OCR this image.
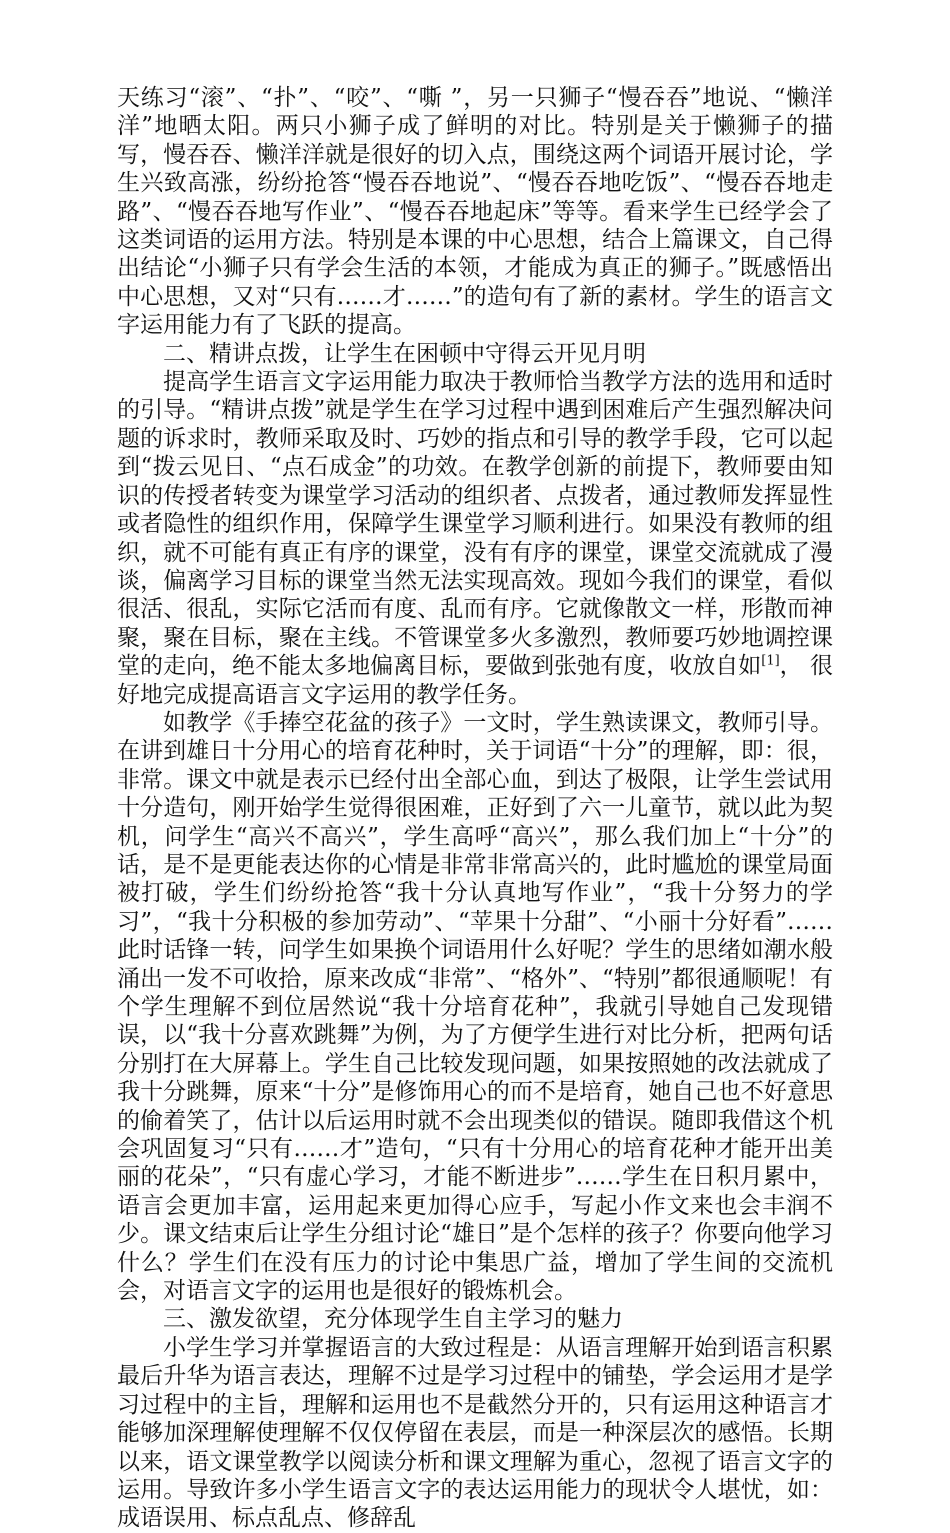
天练习“滚”、“扑”、“咬”、“嘶 ”，另一只狮子“慢吞吞”地说、“懒洋洋”地晒太阳。两只小狮子成了鲜明的对比。特别是关于懒狮子的描写，慢吞吞、懒洋洋就是很好的切入点，围绕这两个词语开展讨论，学生兴致高涨，纷纷抢答“慢吞吞地说”、“慢吞吞地吃饭”、“慢吞吞地走路”、“慢吞吞地写作业”、“慢吞吞地起床”等等。看来学生已经学会了这类词语的运用方法。特别是本课的中心思想，结合上篇课文，自己得出结论“小狮子只有学会生活的本领，才能成为真正的狮子。”既感悟出中心思想，又对“只有……才……”的造句有了新的素材。学生的语言文字运用能力有了飞跃的提高。

二、精讲点拨，让学生在困顿中守得云开见月明

提高学生语言文字运用能力取决于教师恰当教学方法的选用和适时的引导。“精讲点拨”就是学生在学习过程中遇到困难后产生强烈解决问题的诉求时，教师采取及时、巧妙的指点和引导的教学手段，它可以起到“拨云见日、“点石成金”的功效。在教学创新的前提下，教师要由知识的传授者转变为课堂学习活动的组织者、点拨者，通过教师发挥显性或者隐性的组织作用，保障学生课堂学习顺利进行。如果没有教师的组织，就不可能有真正有序的课堂，没有有序的课堂，课堂交流就成了漫谈，偏离学习目标的课堂当然无法实现高效。现如今我们的课堂，看似很活、很乱，实际它活而有度、乱而有序。它就像散文一样，形散而神聚，聚在目标，聚在主线。不管课堂多火多激烈，教师要巧妙地调控课堂的走向，绝不能太多地偏离目标，要做到张弛有度，收放自如[1]， 很好地完成提高语言文字运用的教学任务。

如教学《手捧空花盆的孩子》一文时，学生熟读课文，教师引导。在讲到雄日十分用心的培育花种时，关于词语“十分”的理解，即：很，非常。课文中就是表示已经付出全部心血，到达了极限，让学生尝试用十分造句，刚开始学生觉得很困难，正好到了六一儿童节，就以此为契机，问学生“高兴不高兴”，学生高呼“高兴”，那么我们加上“十分”的话，是不是更能表达你的心情是非常非常高兴的，此时尴尬的课堂局面被打破，学生们纷纷抢答“我十分认真地写作业”，“我十分努力的学习”，“我十分积极的参加劳动”、“苹果十分甜”、“小丽十分好看”……此时话锋一转，问学生如果换个词语用什么好呢？学生的思绪如潮水般涌出一发不可收拾，原来改成“非常”、“格外”、“特别”都很通顺呢！有个学生理解不到位居然说“我十分培育花种”，我就引导她自己发现错误，以“我十分喜欢跳舞”为例，为了方便学生进行对比分析，把两句话分别打在大屏幕上。学生自己比较发现问题，如果按照她的改法就成了我十分跳舞，原来“十分”是修饰用心的而不是培育，她自己也不好意思的偷着笑了，估计以后运用时就不会出现类似的错误。随即我借这个机会巩固复习“只有……才”造句，“只有十分用心的培育花种才能开出美丽的花朵”，“只有虚心学习，才能不断进步”……学生在日积月累中，语言会更加丰富，运用起来更加得心应手，写起小作文来也会丰润不少。课文结束后让学生分组讨论“雄日”是个怎样的孩子？你要向他学习什么？学生们在没有压力的讨论中集思广益，增加了学生间的交流机会，对语言文字的运用也是很好的锻炼机会。

三、激发欲望，充分体现学生自主学习的魅力

小学生学习并掌握语言的大致过程是：从语言理解开始到语言积累最后升华为语言表达，理解不过是学习过程中的铺垫，学会运用才是学习过程中的主旨，理解和运用也不是截然分开的，只有运用这种语言才能够加深理解使理解不仅仅停留在表层，而是一种深层次的感悟。长期以来，语文课堂教学以阅读分析和课文理解为重心，忽视了语言文字的运用。导致许多小学生语言文字的表达运用能力的现状令人堪忧，如：成语误用、标点乱点、修辞乱
